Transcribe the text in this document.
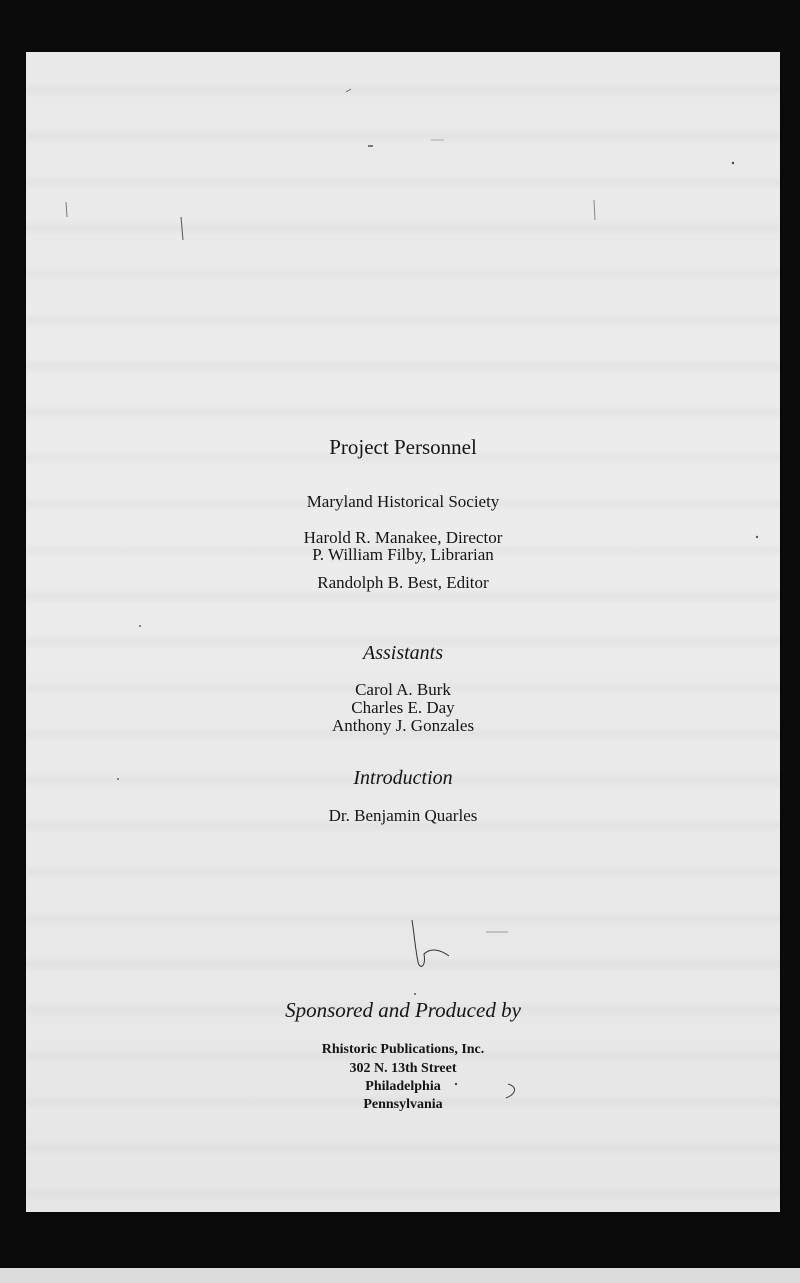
Project Personnel
Maryland Historical Society
Harold R. Manakee, Director
P. William Filby, Librarian
Randolph B. Best, Editor
Assistants
Carol A. Burk
Charles E. Day
Anthony J. Gonzales
Introduction
Dr. Benjamin Quarles
Sponsored and Produced by
Rhistoric Publications, Inc.
302 N. 13th Street
Philadelphia
Pennsylvania
